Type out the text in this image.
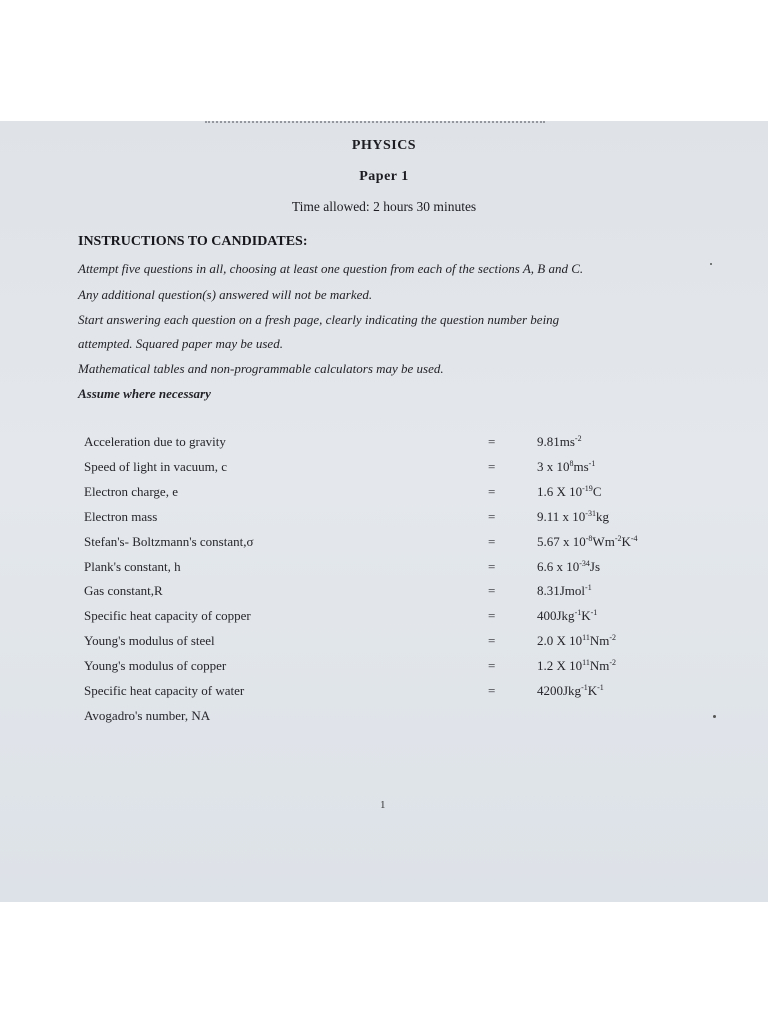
PHYSICS
Paper 1
Time allowed: 2 hours 30 minutes
INSTRUCTIONS TO CANDIDATES:
Attempt five questions in all, choosing at least one question from each of the sections A, B and C.
Any additional question(s) answered will not be marked.
Start answering each question on a fresh page, clearly indicating the question number being
attempted. Squared paper may be used.
Mathematical tables and non-programmable calculators may be used.
Assume where necessary
Acceleration due to gravity	=	$9.81ms^{-2}$
Speed of light in vacuum, c	=	3 x $10^8ms^{-1}$
Electron charge, e	=	1.6 X $10^{-19}C$
Electron mass	=	9.11 x $10^{-31}kg$
Stefan's- Boltzmann's constant,σ	=	5.67 x $10^{-8}Wm^{-2}K^{-4}$
Plank's constant, h	=	6.6 x $10^{-34}Js$
Gas constant,R	=	8.31Jmol$^{-1}$
Specific heat capacity of copper	=	$400Jkg^{-1}K^{-1}$
Young's modulus of steel	=	2.0 X $10^{11}Nm^{-2}$
Young's modulus of copper	=	1.2 X $10^{11}Nm^{-2}$
Specific heat capacity of water	=	$4200Jkg^{-1}K^{-1}$
Avogadro's number, NA
1
